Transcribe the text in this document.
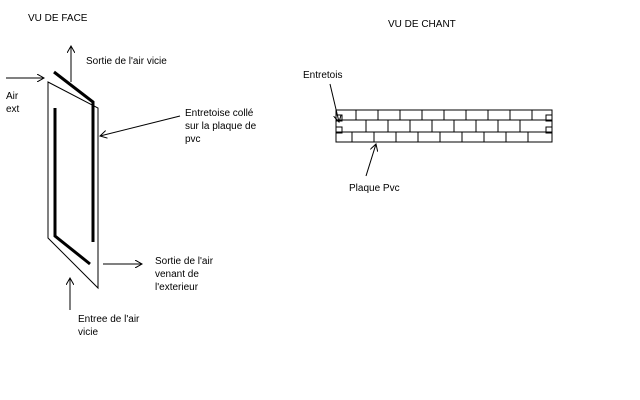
VU DE FACE
Air
ext
Sortie de l'air vicie
Entretoise collé
sur la plaque de
pvc
Sortie de l'air
venant de
l'exterieur
Entree de l'air
vicie
VU DE CHANT
Entretois
Plaque Pvc
